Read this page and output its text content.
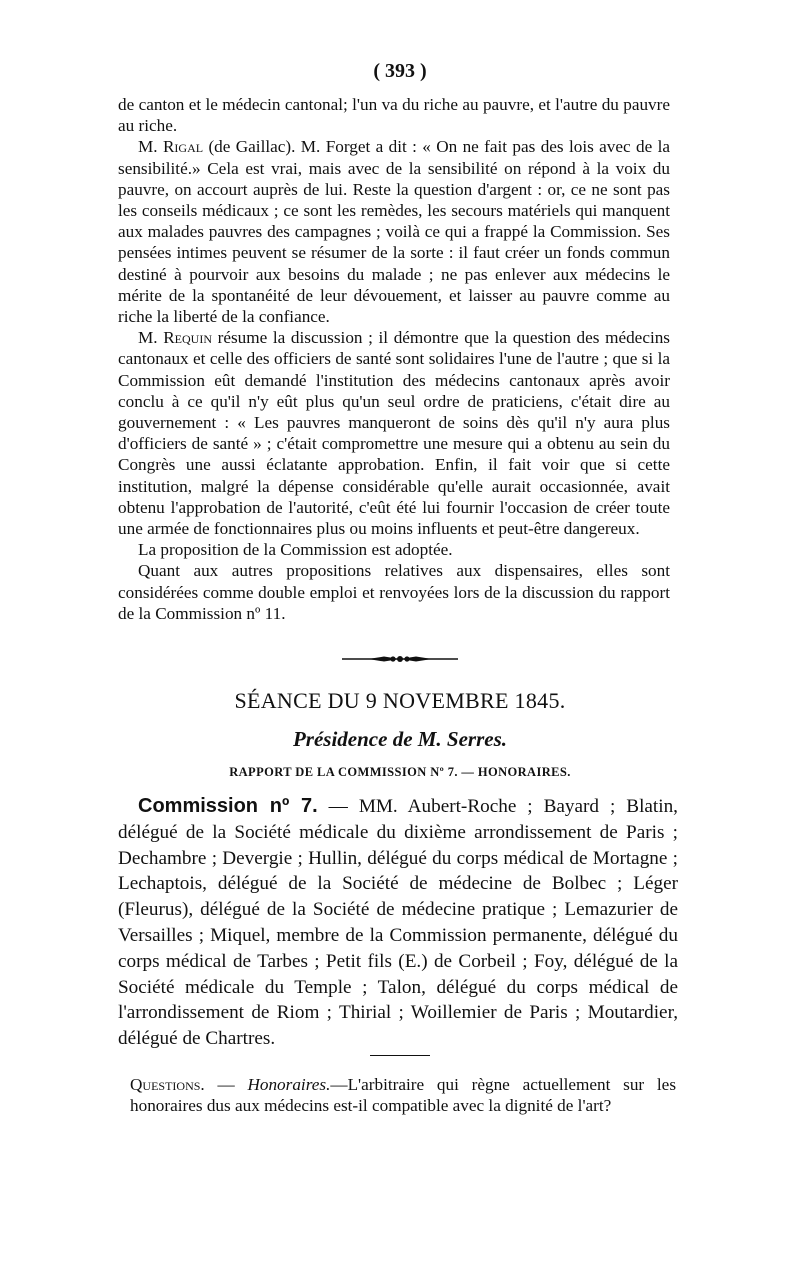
( 393 )

de canton et le médecin cantonal; l'un va du riche au pauvre, et l'autre du pauvre au riche.

M. Rigal (de Gaillac). M. Forget a dit : « On ne fait pas des lois avec de la sensibilité.» Cela est vrai, mais avec de la sensibilité on répond à la voix du pauvre, on accourt auprès de lui. Reste la question d'argent : or, ce ne sont pas les conseils médicaux ; ce sont les remèdes, les secours matériels qui manquent aux malades pauvres des campagnes ; voilà ce qui a frappé la Commission. Ses pensées intimes peuvent se résumer de la sorte : il faut créer un fonds commun destiné à pourvoir aux besoins du malade ; ne pas enlever aux médecins le mérite de la spontanéité de leur dévouement, et laisser au pauvre comme au riche la liberté de la confiance.

M. Requin résume la discussion ; il démontre que la question des médecins cantonaux et celle des officiers de santé sont solidaires l'une de l'autre ; que si la Commission eût demandé l'institution des médecins cantonaux après avoir conclu à ce qu'il n'y eût plus qu'un seul ordre de praticiens, c'était dire au gouvernement : « Les pauvres manqueront de soins dès qu'il n'y aura plus d'officiers de santé » ; c'était compromettre une mesure qui a obtenu au sein du Congrès une aussi éclatante approbation. Enfin, il fait voir que si cette institution, malgré la dépense considérable qu'elle aurait occasionnée, avait obtenu l'approbation de l'autorité, c'eût été lui fournir l'occasion de créer toute une armée de fonctionnaires plus ou moins influents et peut-être dangereux.

La proposition de la Commission est adoptée.

Quant aux autres propositions relatives aux dispensaires, elles sont considérées comme double emploi et renvoyées lors de la discussion du rapport de la Commission nº 11.

SÉANCE DU 9 NOVEMBRE 1845.
Présidence de M. Serres.
RAPPORT DE LA COMMISSION Nº 7. — HONORAIRES.

Commission nº 7. — MM. Aubert-Roche ; Bayard ; Blatin, délégué de la Société médicale du dixième arrondissement de Paris ; Dechambre ; Devergie ; Hullin, délégué du corps médical de Mortagne ; Lechaptois, délégué de la Société de médecine de Bolbec ; Léger (Fleurus), délégué de la Société de médecine pratique ; Lemazurier de Versailles ; Miquel, membre de la Commission permanente, délégué du corps médical de Tarbes ; Petit fils (E.) de Corbeil ; Foy, délégué de la Société médicale du Temple ; Talon, délégué du corps médical de l'arrondissement de Riom ; Thirial ; Woillemier de Paris ; Moutardier, délégué de Chartres.

Questions. — Honoraires.—L'arbitraire qui règne actuellement sur les honoraires dus aux médecins est-il compatible avec la dignité de l'art?
